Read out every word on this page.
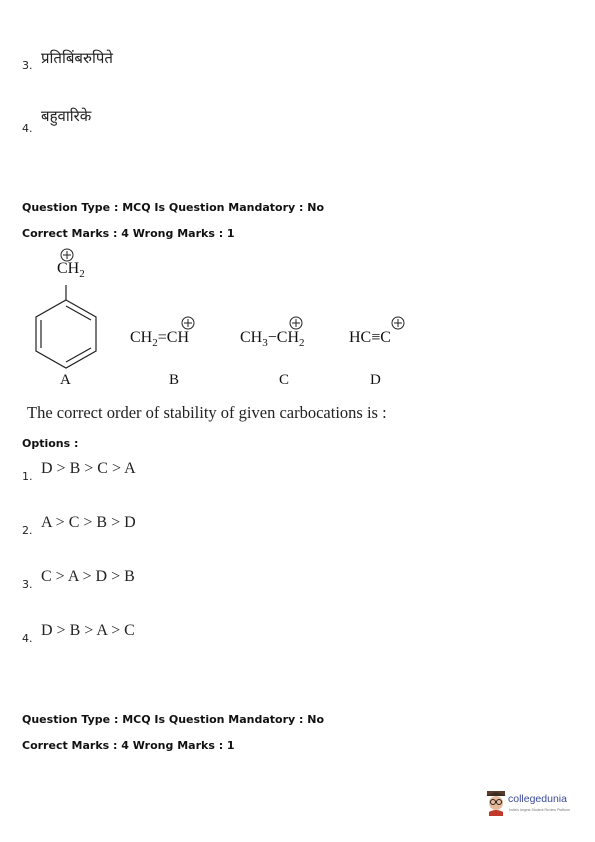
3. प्रतिबिंबरुपिते
4.
बहुवारिके
Question Type : MCQ Is Question Mandatory : No
Correct Marks : 4 Wrong Marks : 1
$CH_2$
$CH_2=CH$	$CH_3-CH_2$	HC≡C
A	B	C	D
The correct order of stability of given carbocations is :
Options :
1. D > B > C > A
2. A > C > B > D
3. C > A > D > B
4. D > B > A > C
Question Type : MCQ Is Question Mandatory : No
Correct Marks : 4 Wrong Marks : 1
collegedunia
India's largest Student Review Platform
